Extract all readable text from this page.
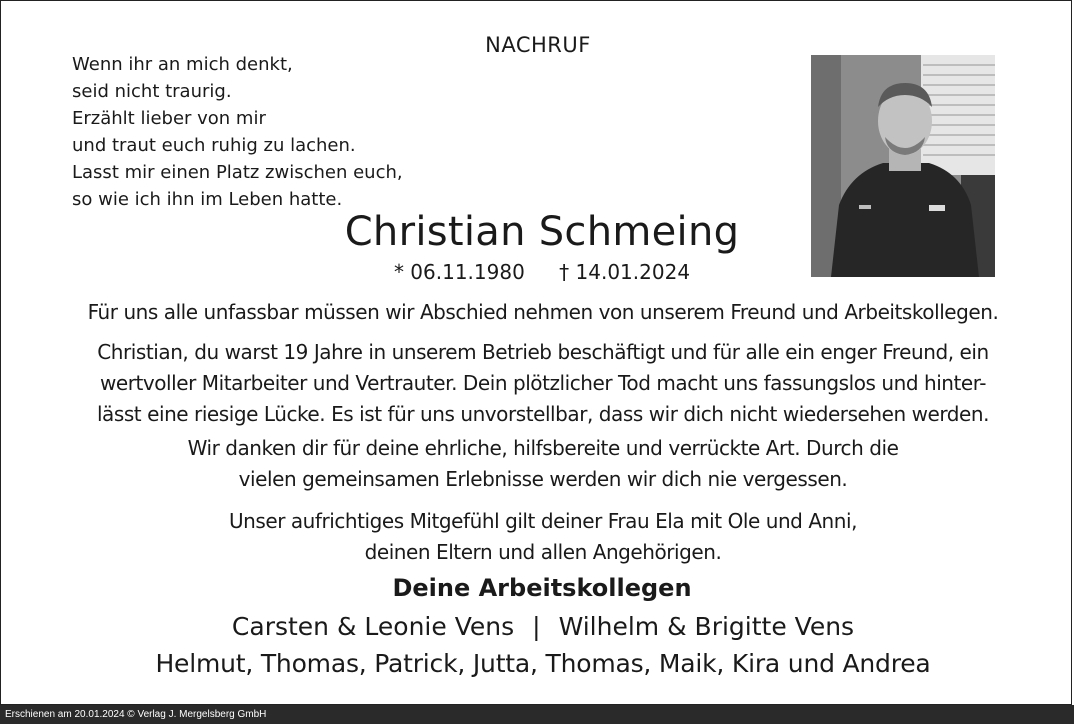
NACHRUF
Wenn ihr an mich denkt,
seid nicht traurig.
Erzählt lieber von mir
und traut euch ruhig zu lachen.
Lasst mir einen Platz zwischen euch,
so wie ich ihn im Leben hatte.
Christian Schmeing
* 06.11.1980 † 14.01.2024
Für uns alle unfassbar müssen wir Abschied nehmen von unserem Freund und Arbeitskollegen.
Christian, du warst 19 Jahre in unserem Betrieb beschäftigt und für alle ein enger Freund, ein
wertvoller Mitarbeiter und Vertrauter. Dein plötzlicher Tod macht uns fassungslos und hinter-
lässt eine riesige Lücke. Es ist für uns unvorstellbar, dass wir dich nicht wiedersehen werden.
Wir danken dir für deine ehrliche, hilfsbereite und verrückte Art. Durch die
vielen gemeinsamen Erlebnisse werden wir dich nie vergessen.
Unser aufrichtiges Mitgefühl gilt deiner Frau Ela mit Ole und Anni,
deinen Eltern und allen Angehörigen.
Deine Arbeitskollegen
Carsten & Leonie Vens | Wilhelm & Brigitte Vens
Helmut, Thomas, Patrick, Jutta, Thomas, Maik, Kira und Andrea
Erschienen am 20.01.2024 © Verlag J. Mergelsberg GmbH
